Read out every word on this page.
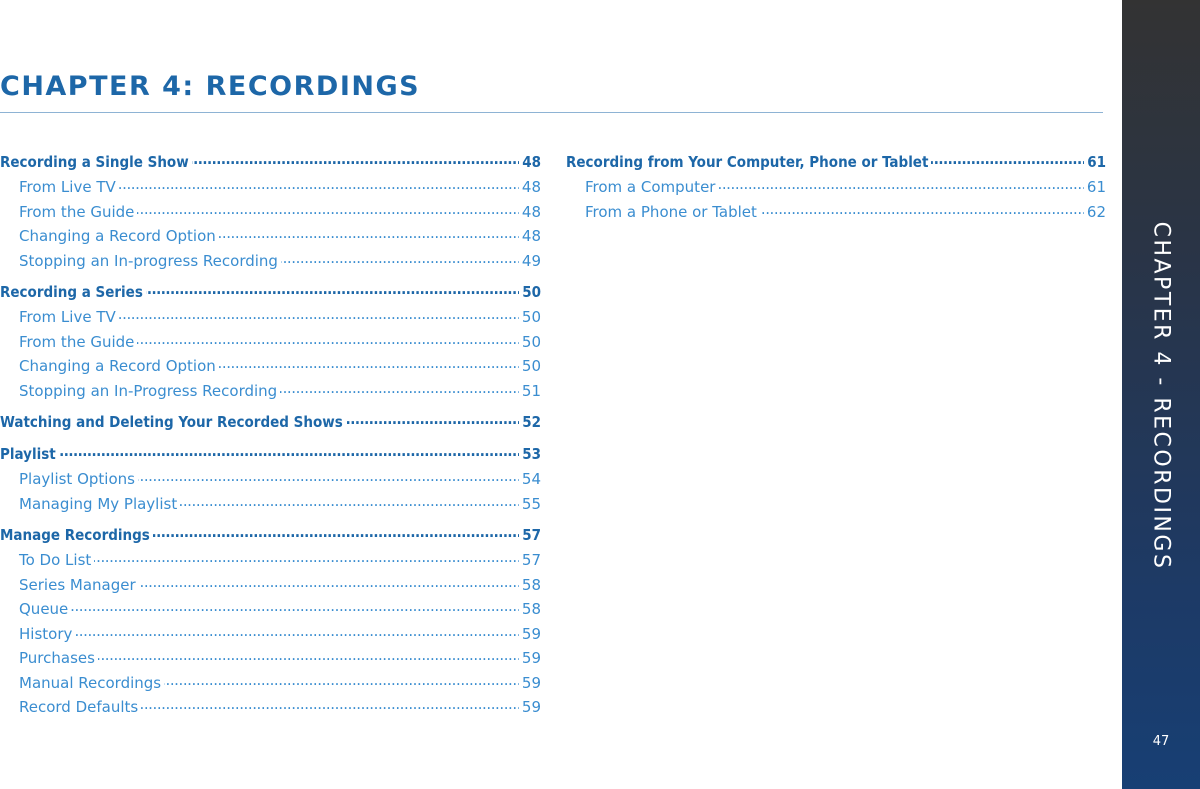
CHAPTER 4: RECORDINGS
Recording a Single Show . . .	48
From Live TV . . .	48
From the Guide . . .	48
Changing a Record Option . . .	48
Stopping an In-progress Recording . . .	49
Recording a Series . . .	50
From Live TV . . .	50
From the Guide . . .	50
Changing a Record Option . . .	50
Stopping an In-Progress Recording . . .	51
Watching and Deleting Your Recorded Shows . . .	52
Playlist . . .	53
Playlist Options . . .	54
Managing My Playlist . . .	55
Manage Recordings . . .	57
To Do List . . .	57
Series Manager . . .	58
Queue . . .	58
History . . .	59
Purchases . . .	59
Manual Recordings . . .	59
Record Defaults . . .	59
Recording from Your Computer, Phone or Tablet . . .	61
From a Computer . . .	61
From a Phone or Tablet . . .	62
CHAPTER 4 - RECORDINGS
47
